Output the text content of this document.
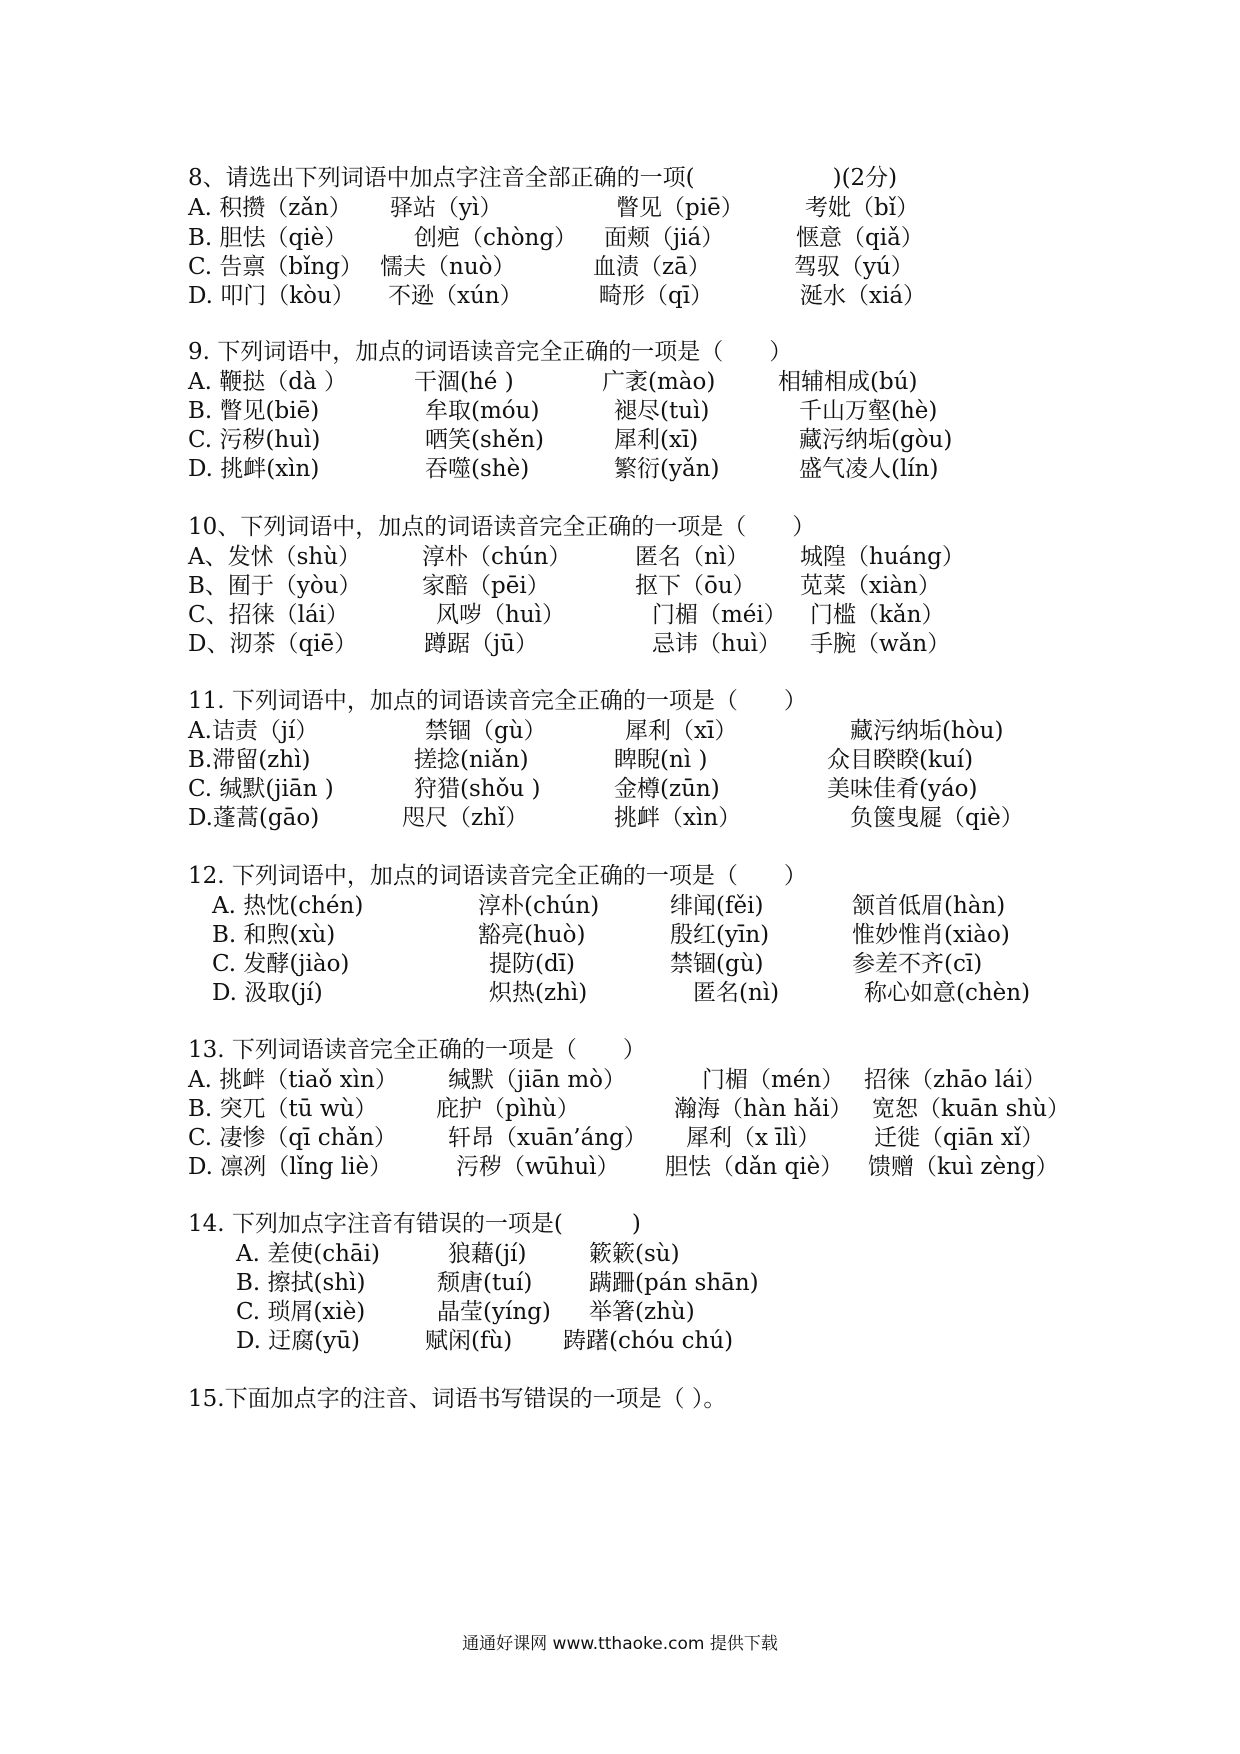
8、请选出下列词语中加点字注音全部正确的一项(　　　　　　)(2分)
A. 积攒（zǎn） 驿站（yì）	瞥见（piē）	考妣（bǐ）
B. 胆怯（qiè）	创疤（chòng） 面颊（jiá）	惬意（qiǎ）
C. 告禀（bǐng） 懦夫（nuò）	血渍（zā）	驾驭（yú）
D. 叩门（kòu） 不逊（xún）	畸形（qī）	涎水（xiá）
9. 下列词语中，加点的词语读音完全正确的一项是（　　）
A. 鞭挞（dà ）	干涸(hé )	广袤(mào)	相辅相成(bú)
B. 瞥见(biē)	牟取(móu)	褪尽(tuì)	千山万壑(hè)
C. 污秽(huì)	哂笑(shěn)	犀利(xī)	藏污纳垢(gòu)
D. 挑衅(xìn)	吞噬(shè)	繁衍(yǎn)	盛气凌人(lín)
10、下列词语中，加点的词语读音完全正确的一项是（　　）
A、发怵（shù）	淳朴（chún）	匿名（nì） 城隍（huáng）
B、囿于（yòu）	家醅（pēi）	抠下（ōu） 苋菜（xiàn）
C、招徕（lái）	风哕（huì）	门楣（méi） 门槛（kǎn）
D、沏茶（qiē）	蹲踞（jū）	忌讳（huì） 手腕（wǎn）
11. 下列词语中，加点的词语读音完全正确的一项是（　　）
A.诘责（jí）	禁锢（gù）	犀利（xī）	藏污纳垢(hòu)
B.滞留(zhì)	搓捻(niǎn)	睥睨(nì )	众目睽睽(kuí)
C. 缄默(jiān )	狩猎(shǒu )	金樽(zūn)	美味佳肴(yáo)
D.蓬蒿(gāo)	咫尺（zhǐ）	挑衅（xìn）	负箧曳屣（qiè）
12. 下列词语中，加点的词语读音完全正确的一项是（　　）
A. 热忱(chén)	淳朴(chún)	绯闻(fěi)	颔首低眉(hàn)
B. 和煦(xù)	豁亮(huò)	殷红(yīn)	惟妙惟肖(xiào)
C. 发酵(jiào)	提防(dī)	禁锢(gù)	参差不齐(cī)
D. 汲取(jí)	炽热(zhì)	匿名(nì)	称心如意(chèn)
13. 下列词语读音完全正确的一项是（　　）
A. 挑衅（tiaǒ xìn） 缄默（jiān mò）	门楣（mén） 招徕（zhāo lái）
B. 突兀（tū wù）	庇护（pìhù）	瀚海（hàn hǎi） 宽恕（kuān shù）
C. 凄惨（qī chǎn） 轩昂（xuān’áng） 犀利（x īlì） 迁徙（qiān xǐ）
D. 凛冽（lǐng liè）	污秽（wūhuì） 胆怯（dǎn qiè） 馈赠（kuì zèng）
14. 下列加点字注音有错误的一项是(　　　)
A. 差使(chāi)	狼藉(jí)	簌簌(sù)
B. 擦拭(shì)	颓唐(tuí) 蹒跚(pán shān)
C. 琐屑(xiè)	晶莹(yíng) 举箸(zhù)
D. 迂腐(yū)	赋闲(fù) 踌躇(chóu chú)
15.下面加点字的注音、词语书写错误的一项是（ ）。
通通好课网 www.tthaoke.com 提供下载
